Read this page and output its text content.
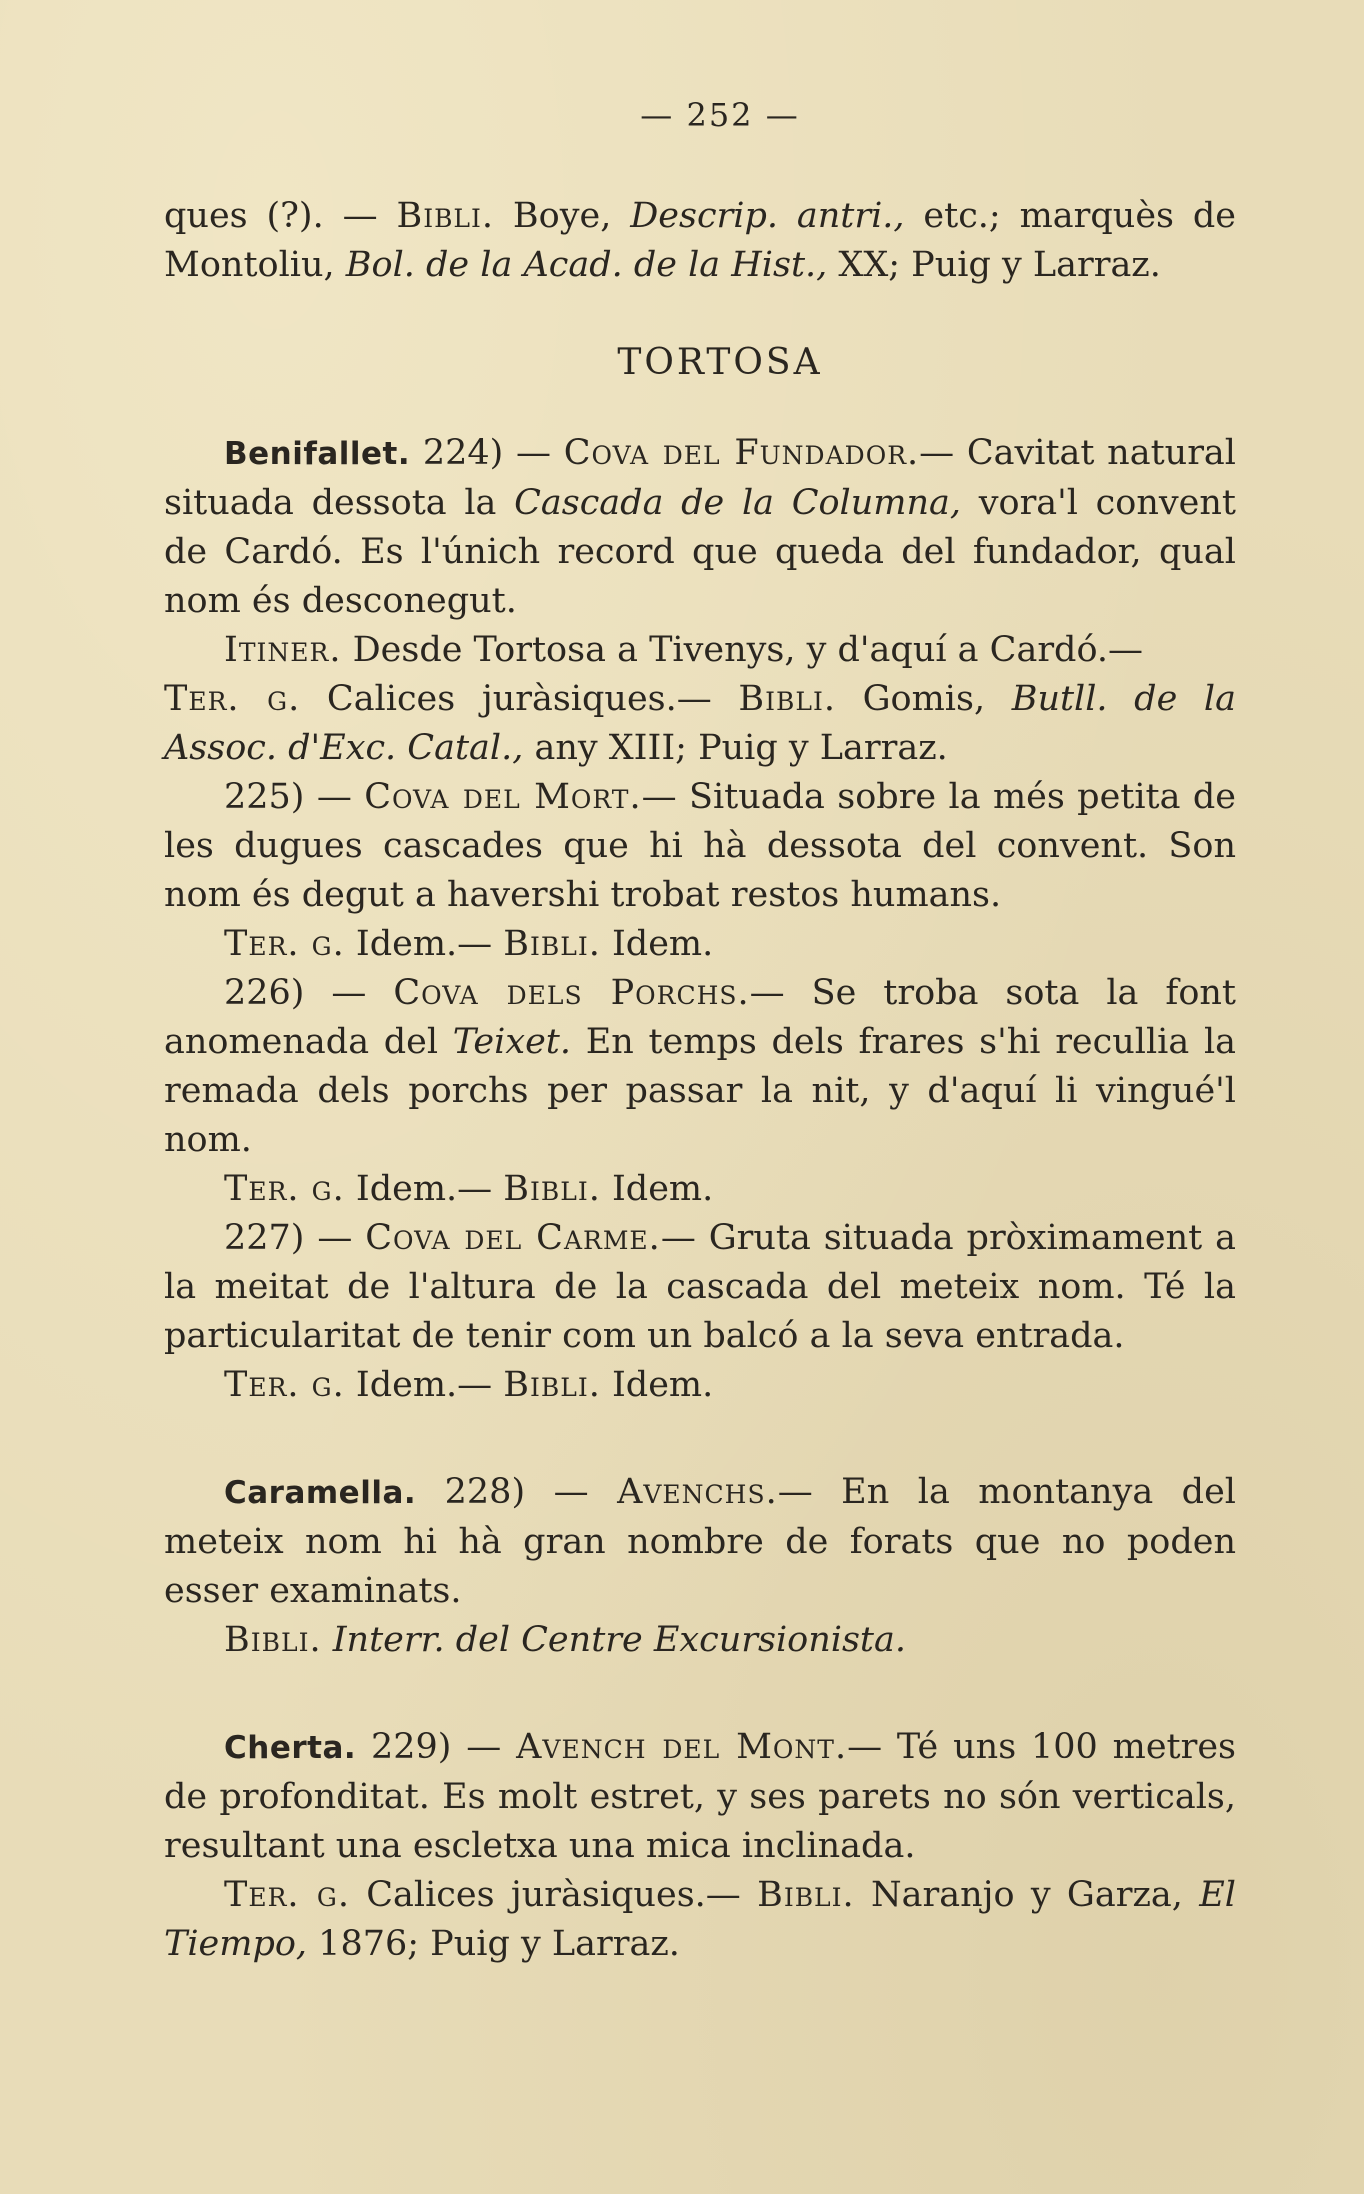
— 252 —

ques (?). — Bibli. Boye, Descrip. antri., etc.; marquès de Montoliu, Bol. de la Acad. de la Hist., XX; Puig y Larraz.

TORTOSA

Benifallet. 224) — Cova del Fundador.— Cavitat natural situada dessota la Cascada de la Columna, vora'l convent de Cardó. Es l'únich record que queda del fundador, qual nom és desconegut.

Itiner. Desde Tortosa a Tivenys, y d'aquí a Cardó.—

Ter. g. Calices juràsiques.— Bibli. Gomis, Butll. de la Assoc. d'Exc. Catal., any XIII; Puig y Larraz.

225) — Cova del Mort.— Situada sobre la més petita de les dugues cascades que hi hà dessota del convent. Son nom és degut a havershi trobat restos humans.

Ter. g. Idem.— Bibli. Idem.

226) — Cova dels Porchs.— Se troba sota la font anomenada del Teixet. En temps dels frares s'hi recullia la remada dels porchs per passar la nit, y d'aquí li vingué'l nom.

Ter. g. Idem.— Bibli. Idem.

227) — Cova del Carme.— Gruta situada pròximament a la meitat de l'altura de la cascada del meteix nom. Té la particularitat de tenir com un balcó a la seva entrada.

Ter. g. Idem.— Bibli. Idem.

Caramella. 228) — Avenchs.— En la montanya del meteix nom hi hà gran nombre de forats que no poden esser examinats.

Bibli. Interr. del Centre Excursionista.

Cherta. 229) — Avench del Mont.— Té uns 100 metres de profonditat. Es molt estret, y ses parets no són verticals, resultant una escletxa una mica inclinada.

Ter. g. Calices juràsiques.— Bibli. Naranjo y Garza, El Tiempo, 1876; Puig y Larraz.
